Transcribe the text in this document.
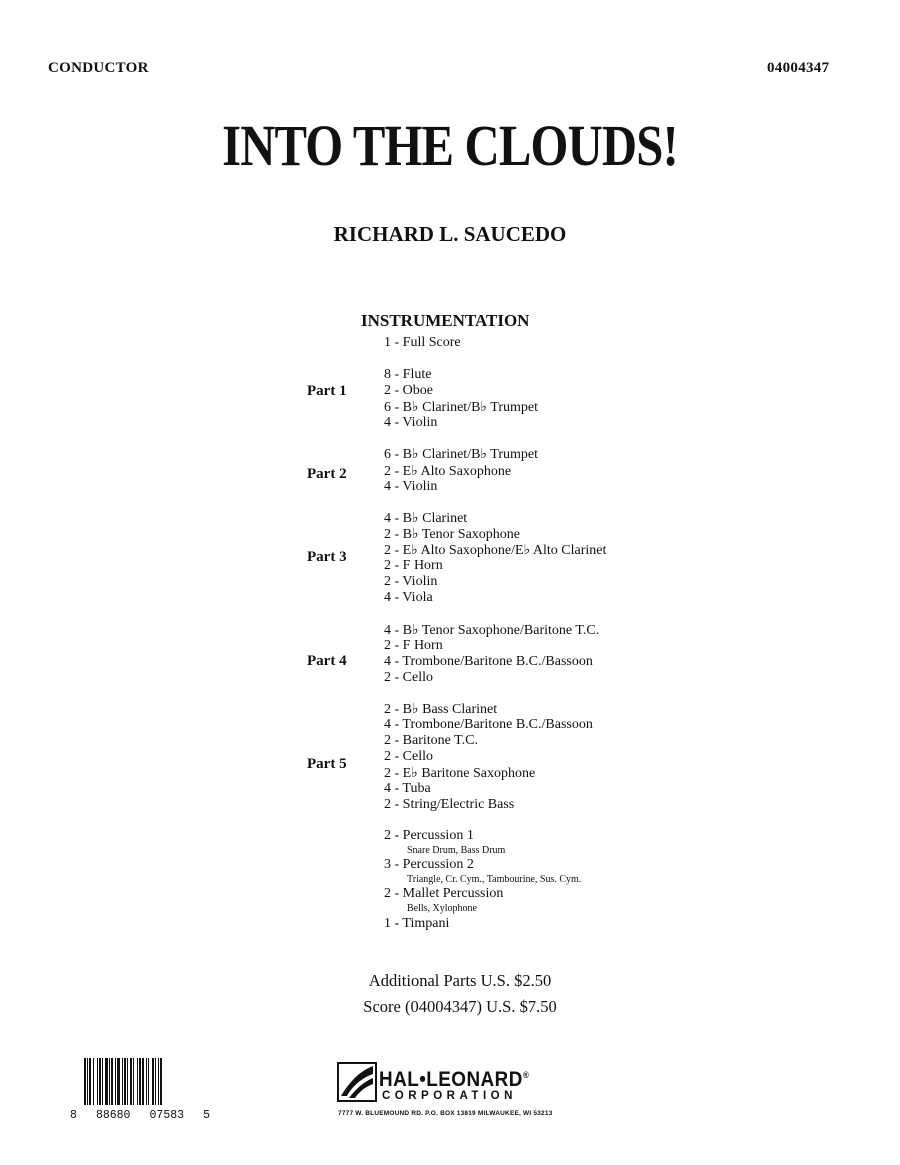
CONDUCTOR	04004347
INTO THE CLOUDS!
RICHARD L. SAUCEDO
INSTRUMENTATION
1 - Full Score
Part 1
8 - Flute
2 - Oboe
6 - B♭ Clarinet/B♭ Trumpet
4 - Violin
Part 2
6 - B♭ Clarinet/B♭ Trumpet
2 - E♭ Alto Saxophone
4 - Violin
Part 3
4 - B♭ Clarinet
2 - B♭ Tenor Saxophone
2 - E♭ Alto Saxophone/E♭ Alto Clarinet
2 - F Horn
2 - Violin
4 - Viola
Part 4
4 - B♭ Tenor Saxophone/Baritone T.C.
2 - F Horn
4 - Trombone/Baritone B.C./Bassoon
2 - Cello
Part 5
2 - B♭ Bass Clarinet
4 - Trombone/Baritone B.C./Bassoon
2 - Baritone T.C.
2 - Cello
2 - E♭ Baritone Saxophone
4 - Tuba
2 - String/Electric Bass
2 - Percussion 1
Snare Drum, Bass Drum
3 - Percussion 2
Triangle, Cr. Cym., Tambourine, Sus. Cym.
2 - Mallet Percussion
Bells, Xylophone
1 - Timpani
Additional Parts U.S. $2.50
Score (04004347) U.S. $7.50
8 88680 07583 5
HAL•LEONARD®
CORPORATION
7777 W. BLUEMOUND RD. P.O. BOX 13819 MILWAUKEE, WI 53213
